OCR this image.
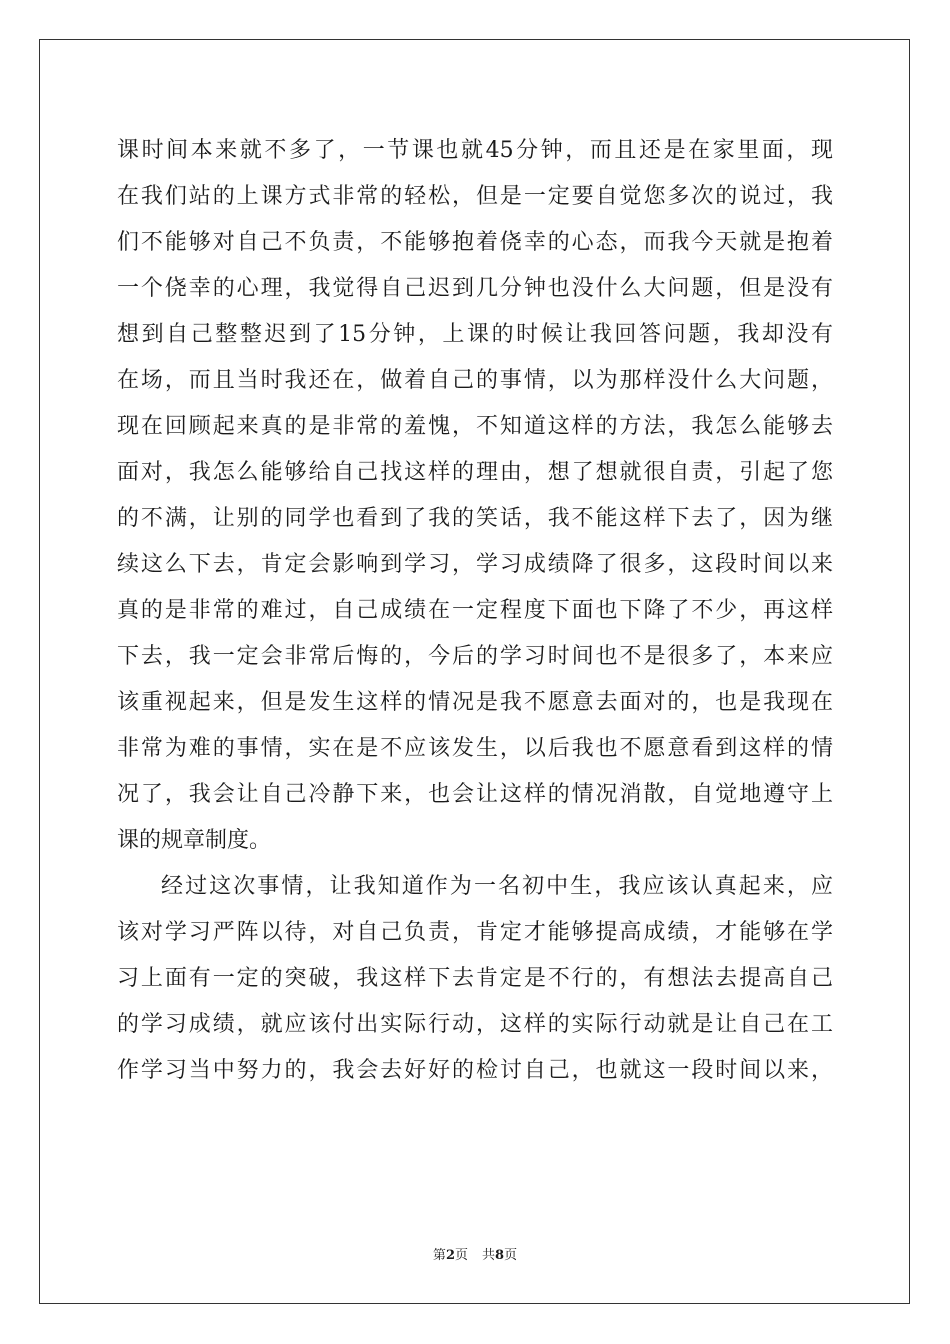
课时间本来就不多了，一节课也就45分钟，而且还是在家里面，现
在我们站的上课方式非常的轻松，但是一定要自觉您多次的说过，我
们不能够对自己不负责，不能够抱着侥幸的心态，而我今天就是抱着
一个侥幸的心理，我觉得自己迟到几分钟也没什么大问题，但是没有
想到自己整整迟到了15分钟，上课的时候让我回答问题，我却没有
在场，而且当时我还在，做着自己的事情，以为那样没什么大问题，
现在回顾起来真的是非常的羞愧，不知道这样的方法，我怎么能够去
面对，我怎么能够给自己找这样的理由，想了想就很自责，引起了您
的不满，让别的同学也看到了我的笑话，我不能这样下去了，因为继
续这么下去，肯定会影响到学习，学习成绩降了很多，这段时间以来
真的是非常的难过，自己成绩在一定程度下面也下降了不少，再这样
下去，我一定会非常后悔的，今后的学习时间也不是很多了，本来应
该重视起来，但是发生这样的情况是我不愿意去面对的，也是我现在
非常为难的事情，实在是不应该发生，以后我也不愿意看到这样的情
况了，我会让自己冷静下来，也会让这样的情况消散，自觉地遵守上
课的规章制度。
经过这次事情，让我知道作为一名初中生，我应该认真起来，应
该对学习严阵以待，对自己负责，肯定才能够提高成绩，才能够在学
习上面有一定的突破，我这样下去肯定是不行的，有想法去提高自己
的学习成绩，就应该付出实际行动，这样的实际行动就是让自己在工
作学习当中努力的，我会去好好的检讨自己，也就这一段时间以来，
第2页 共8页
